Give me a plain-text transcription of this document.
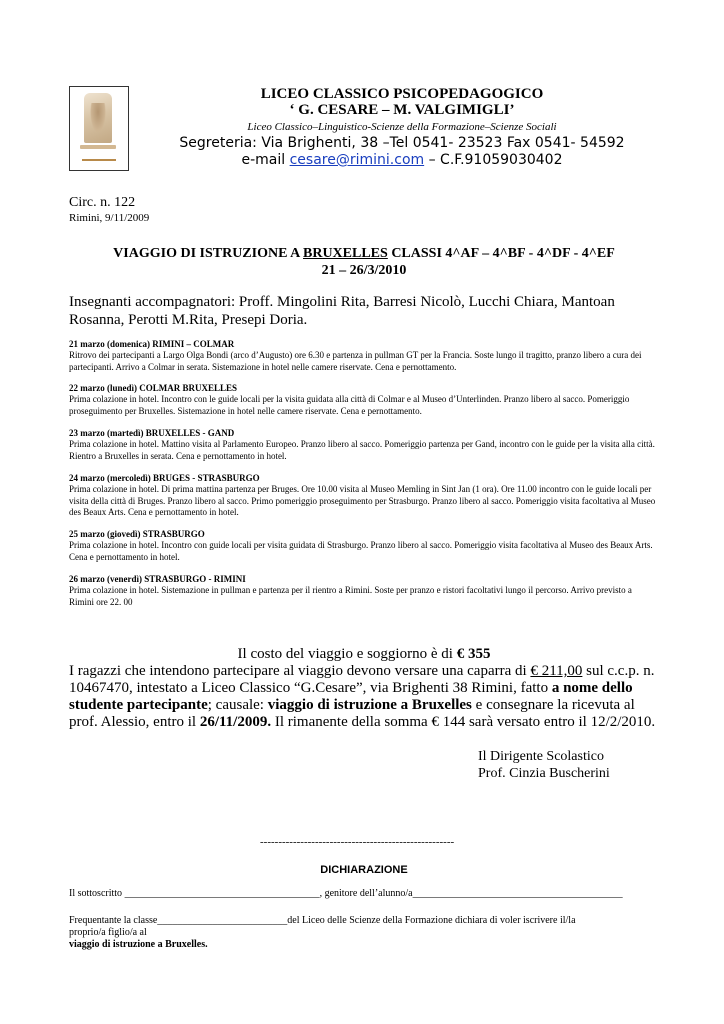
LICEO CLASSICO PSICOPEDAGOGICO
‘ G. CESARE – M. VALGIMIGLI’
Liceo Classico–Linguistico-Scienze della Formazione–Scienze Sociali
Segreteria: Via Brighenti, 38 –Tel 0541- 23523 Fax 0541- 54592
e-mail cesare@rimini.com – C.F.91059030402
Circ. n. 122
Rimini, 9/11/2009
VIAGGIO DI ISTRUZIONE A BRUXELLES CLASSI 4^AF – 4^BF - 4^DF - 4^EF
21 – 26/3/2010
Insegnanti accompagnatori: Proff. Mingolini Rita, Barresi Nicolò, Lucchi Chiara, Mantoan Rosanna, Perotti M.Rita, Presepi Doria.
21 marzo (domenica) RIMINI – COLMAR
Ritrovo dei partecipanti a Largo Olga Bondi (arco d’Augusto) ore 6.30 e partenza in pullman GT per la Francia. Soste lungo il tragitto, pranzo libero a cura dei partecipanti. Arrivo a Colmar in serata. Sistemazione in hotel nelle camere riservate. Cena e pernottamento.
22 marzo (lunedì) COLMAR BRUXELLES
Prima colazione in hotel. Incontro con le guide locali per la visita guidata alla città di Colmar e al Museo d’Unterlinden. Pranzo libero al sacco. Pomeriggio proseguimento per Bruxelles. Sistemazione in hotel nelle camere riservate. Cena e pernottamento.
23 marzo (martedì) BRUXELLES - GAND
Prima colazione in hotel. Mattino visita al Parlamento Europeo. Pranzo libero al sacco. Pomeriggio partenza per Gand, incontro con le guide per la visita alla città. Rientro a Bruxelles in serata. Cena e pernottamento in hotel.
24 marzo (mercoledì) BRUGES - STRASBURGO
Prima colazione in hotel. Di prima mattina partenza per Bruges. Ore 10.00 visita al Museo Memling in Sint Jan (1 ora). Ore 11.00 incontro con le guide locali per visita della città di Bruges. Pranzo libero al sacco. Primo pomeriggio proseguimento per Strasburgo. Pranzo libero al sacco. Pomeriggio visita facoltativa al Museo des Beaux Arts. Cena e pernottamento in hotel.
25 marzo (giovedì) STRASBURGO
Prima colazione in hotel. Incontro con guide locali per visita guidata di Strasburgo. Pranzo libero al sacco. Pomeriggio visita facoltativa al Museo des Beaux Arts. Cena e pernottamento in hotel.
26 marzo (venerdì) STRASBURGO - RIMINI
Prima colazione in hotel. Sistemazione in pullman e partenza per il rientro a Rimini. Soste per pranzo e ristori facoltativi lungo il percorso. Arrivo previsto a Rimini ore 22. 00
Il costo del viaggio e soggiorno è di € 355
I ragazzi che intendono partecipare al viaggio devono versare una caparra di € 211,00 sul c.c.p. n. 10467470, intestato a Liceo Classico “G.Cesare”, via Brighenti 38 Rimini, fatto a nome dello studente partecipante; causale: viaggio di istruzione a Bruxelles e consegnare la ricevuta al prof. Alessio, entro il 26/11/2009. Il rimanente della somma € 144 sarà versato entro il 12/2/2010.
Il Dirigente Scolastico
Prof. Cinzia Buscherini
-----------------------------------------------------
DICHIARAZIONE
Il sottoscritto _______________________________________, genitore dell’alunno/a__________________________________________
Frequentante la classe__________________________del Liceo delle Scienze della Formazione dichiara di voler iscrivere il/la
proprio/a figlio/a al
viaggio di istruzione a Bruxelles.
